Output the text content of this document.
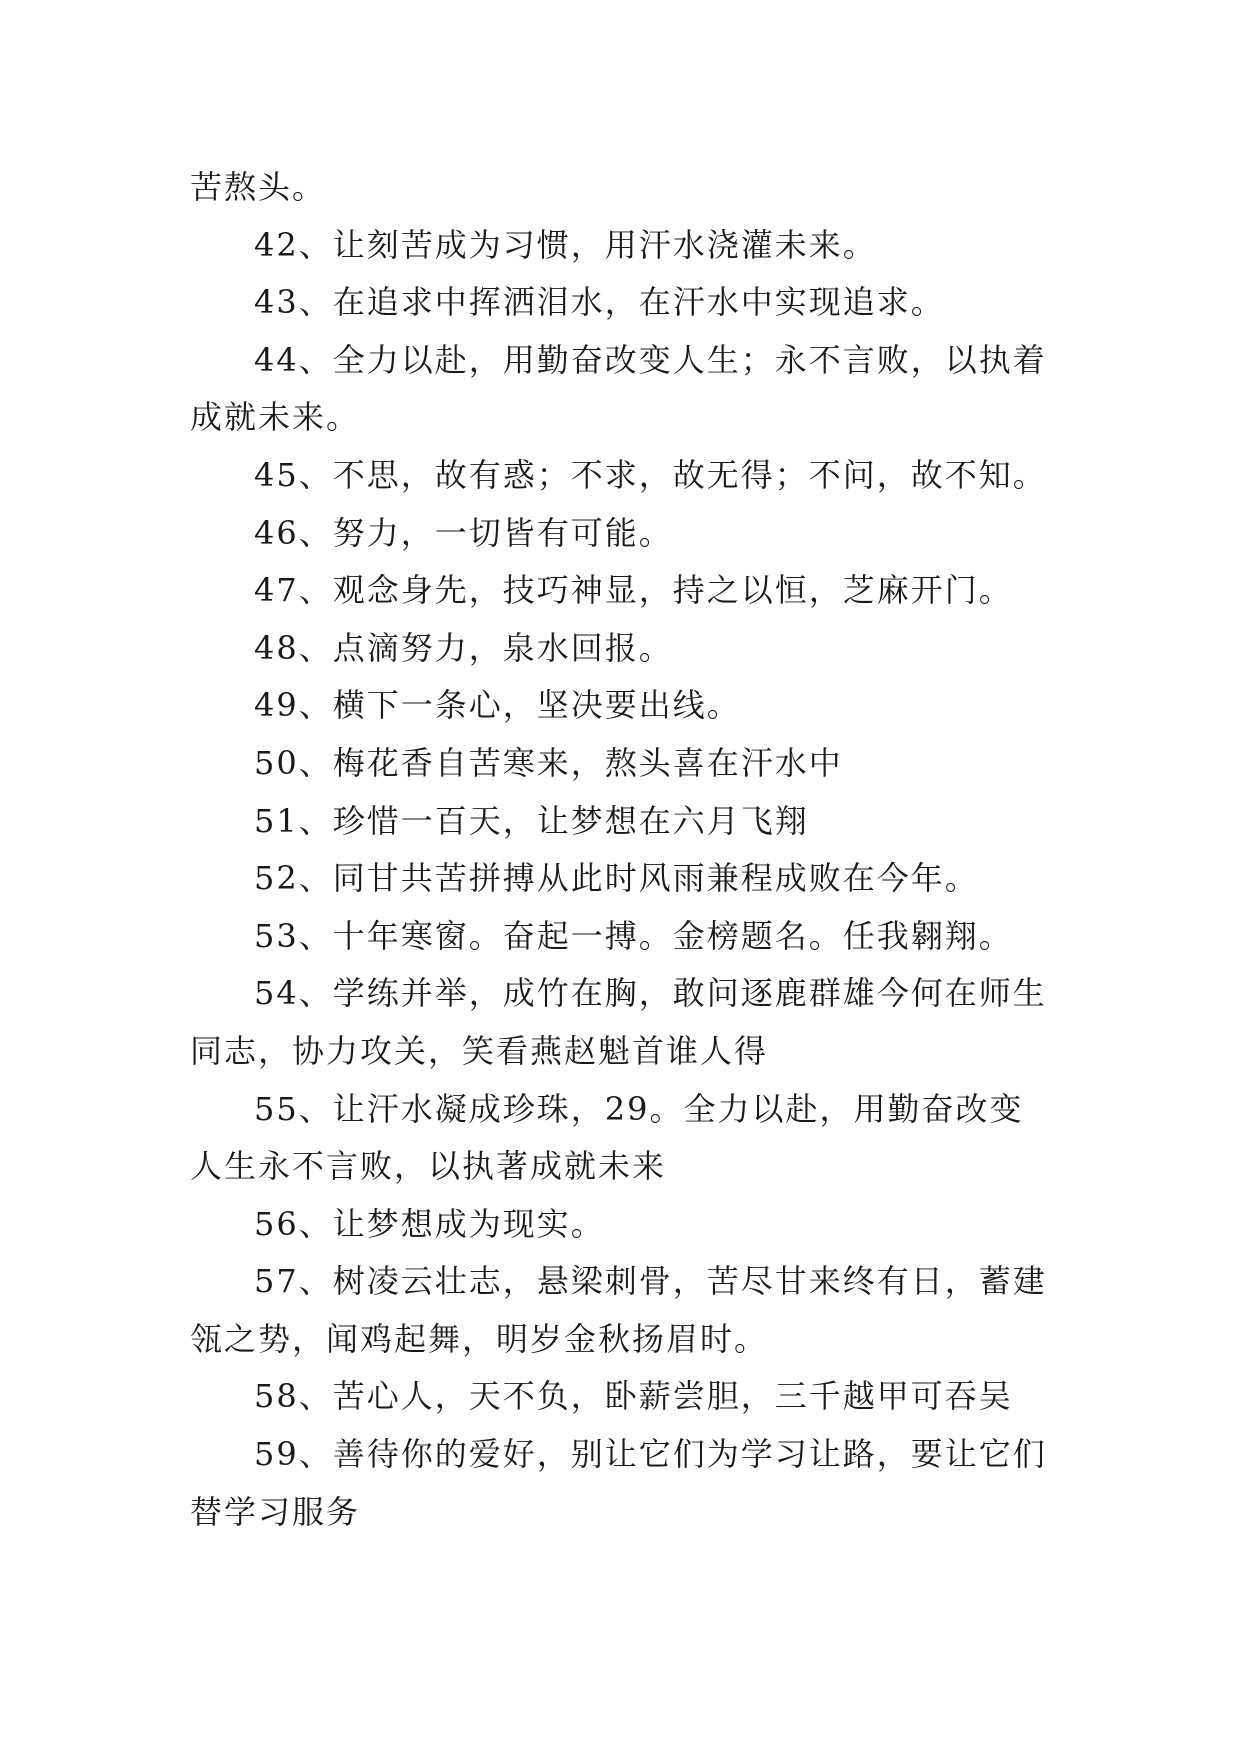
苦熬头。

42、让刻苦成为习惯，用汗水浇灌未来。

43、在追求中挥洒泪水，在汗水中实现追求。

44、全力以赴，用勤奋改变人生；永不言败，以执着成就未来。

45、不思，故有惑；不求，故无得；不问，故不知。

46、努力，一切皆有可能。

47、观念身先，技巧神显，持之以恒，芝麻开门。

48、点滴努力，泉水回报。

49、横下一条心，坚决要出线。

50、梅花香自苦寒来，熬头喜在汗水中

51、珍惜一百天，让梦想在六月飞翔

52、同甘共苦拼搏从此时风雨兼程成败在今年。

53、十年寒窗。奋起一搏。金榜题名。任我翱翔。

54、学练并举，成竹在胸，敢问逐鹿群雄今何在师生同志，协力攻关，笑看燕赵魁首谁人得

55、让汗水凝成珍珠，29。全力以赴，用勤奋改变人生永不言败，以执著成就未来

56、让梦想成为现实。

57、树凌云壮志，悬梁刺骨，苦尽甘来终有日，蓄建瓴之势，闻鸡起舞，明岁金秋扬眉时。

58、苦心人，天不负，卧薪尝胆，三千越甲可吞吴

59、善待你的爱好，别让它们为学习让路，要让它们替学习服务
